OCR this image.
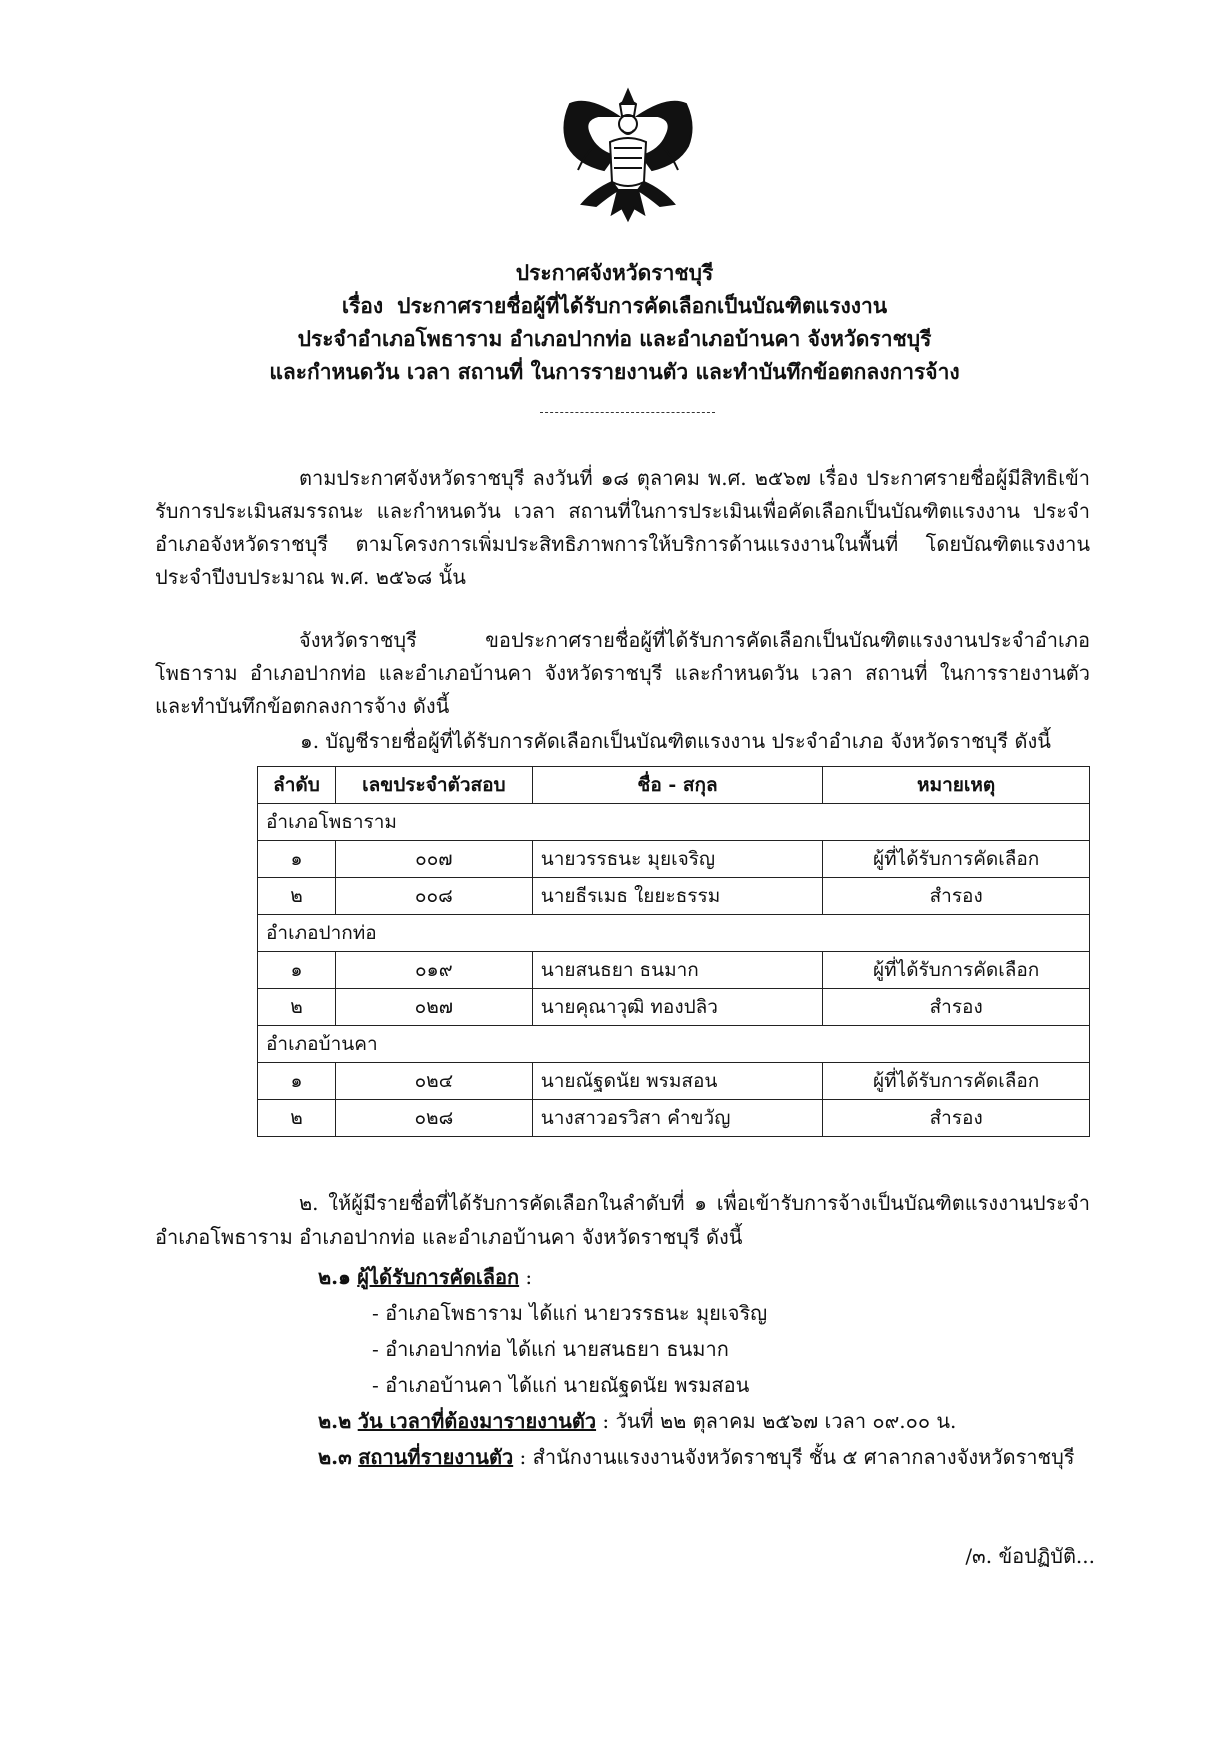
ประกาศจังหวัดราชบุรี
เรื่อง ประกาศรายชื่อผู้ที่ได้รับการคัดเลือกเป็นบัณฑิตแรงงาน
ประจำอำเภอโพธาราม อำเภอปากท่อ และอำเภอบ้านคา จังหวัดราชบุรี
และกำหนดวัน เวลา สถานที่ ในการรายงานตัว และทำบันทึกข้อตกลงการจ้าง

ตามประกาศจังหวัดราชบุรี ลงวันที่ ๑๘ ตุลาคม พ.ศ. ๒๕๖๗ เรื่อง ประกาศรายชื่อผู้มีสิทธิเข้ารับการประเมินสมรรถนะ และกำหนดวัน เวลา สถานที่ในการประเมินเพื่อคัดเลือกเป็นบัณฑิตแรงงาน ประจำอำเภอจังหวัดราชบุรี ตามโครงการเพิ่มประสิทธิภาพการให้บริการด้านแรงงานในพื้นที่ โดยบัณฑิตแรงงาน ประจำปีงบประมาณ พ.ศ. ๒๕๖๘ นั้น

จังหวัดราชบุรี ขอประกาศรายชื่อผู้ที่ได้รับการคัดเลือกเป็นบัณฑิตแรงงานประจำอำเภอโพธาราม อำเภอปากท่อ และอำเภอบ้านคา จังหวัดราชบุรี และกำหนดวัน เวลา สถานที่ ในการรายงานตัว และทำบันทึกข้อตกลงการจ้าง ดังนี้

๑. บัญชีรายชื่อผู้ที่ได้รับการคัดเลือกเป็นบัณฑิตแรงงาน ประจำอำเภอ จังหวัดราชบุรี ดังนี้
ลำดับ	เลขประจำตัวสอบ	ชื่อ - สกุล	หมายเหตุ
อำเภอโพธาราม			
๑	๐๐๗	นายวรรธนะ มุยเจริญ	ผู้ที่ได้รับการคัดเลือก
๒	๐๐๘	นายธีรเมธ ใยยะธรรม	สำรอง
อำเภอปากท่อ			
๑	๐๑๙	นายสนธยา ธนมาก	ผู้ที่ได้รับการคัดเลือก
๒	๐๒๗	นายคุณาวุฒิ ทองปลิว	สำรอง
อำเภอบ้านคา			
๑	๐๒๔	นายณัฐดนัย พรมสอน	ผู้ที่ได้รับการคัดเลือก
๒	๐๒๘	นางสาวอรวิสา คำขวัญ	สำรอง

๒. ให้ผู้มีรายชื่อที่ได้รับการคัดเลือกในลำดับที่ ๑ เพื่อเข้ารับการจ้างเป็นบัณฑิตแรงงานประจำอำเภอโพธาราม อำเภอปากท่อ และอำเภอบ้านคา จังหวัดราชบุรี ดังนี้

๒.๑ ผู้ได้รับการคัดเลือก :
- อำเภอโพธาราม ได้แก่ นายวรรธนะ มุยเจริญ
- อำเภอปากท่อ ได้แก่ นายสนธยา ธนมาก
- อำเภอบ้านคา ได้แก่ นายณัฐดนัย พรมสอน
๒.๒ วัน เวลาที่ต้องมารายงานตัว : วันที่ ๒๒ ตุลาคม ๒๕๖๗ เวลา ๐๙.๐๐ น.
๒.๓ สถานที่รายงานตัว : สำนักงานแรงงานจังหวัดราชบุรี ชั้น ๕ ศาลากลางจังหวัดราชบุรี
/๓. ข้อปฏิบัติ...
